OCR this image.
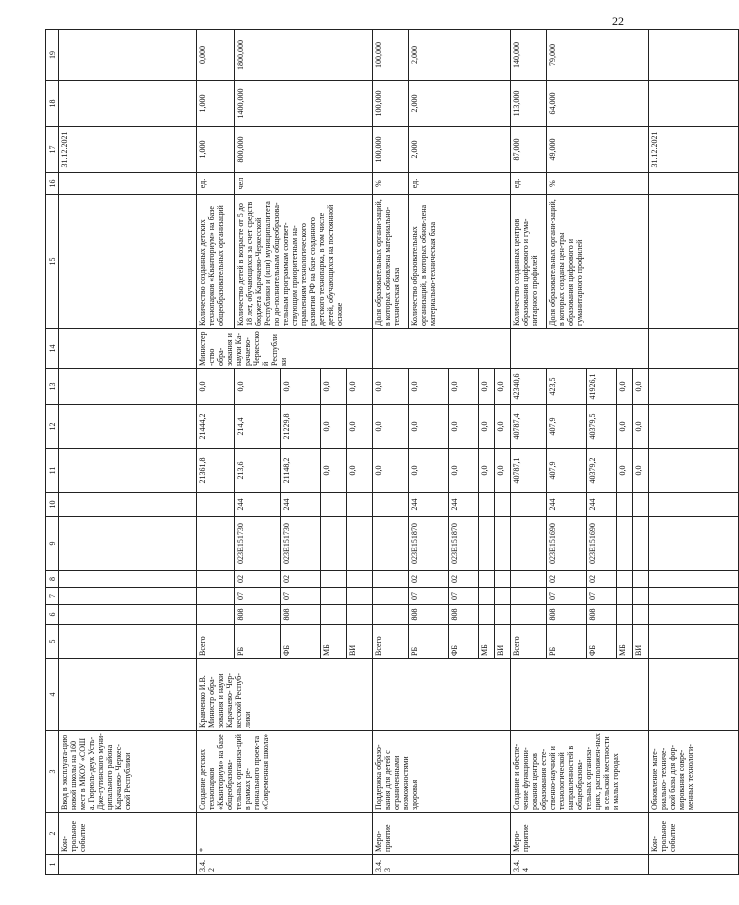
22
1	2	3	4	5	6	7	8	9	10	11	12	13	14	15	16	17	18	19
	Кон-трольное событие	Ввод в эксплуата-цию новой школы на 160 мест в МКОУ «СОШ а. Гюрюль-деук Усть- Дже-гутинского муни-ципального района Карачаево- Черкес-ской Республики														31.12.2021		
3.4.2	*	Создание детских технопарков «Кванториум» на базе общеобразова-тельных организа-ций в рамках ре-гионального проек-та «Современная школа»	Кравченко И.В. Министр обра-зования и науки Карачаево- Чер-кесской Респуб-лики	Всего						21361,8	21444,2	0,0	Министер-ство обра-зования и науки Ка-рачаево-Черкесской Республики	Количество созданных детских технопарков «Кванториум» на базе общеобразовательных организаций	ед.	1,000	1,000	0,000
				РБ	808	07	02	023E151730	244	213,6	214,4	0,0		Количество детей в возрасте от 5 до 18 лет, обучающихся за счет средств бюджета Карачаево-Черкесской Республики и (или) муниципалитета по до-полнительным общеобразова-тельным программам соответ-ствующим приоритетным на-правлениям технологического развития РФ на базе созданного детского технопарка, в том числе детей, обучающихся на постоянной основе	чел	800,000	1400,000	1800,000
				ФБ	808	07	02	023E151730	244	21148,2	21229,8	0,0						
				МБ						0,0	0,0	0,0						
				ВИ						0,0	0,0	0,0						
3.4.3	Меро-приятие	Поддержка образо-вания для детей с ограниченными возможностями здоровья		Всего						0,0	0,0	0,0		Доля образовательных органи-заций, в которых обновлена материально-техническая база	%	100,000	100,000	100,000
				РБ	808	07	02	023E151870	244	0,0	0,0	0,0		Количество образовательных организаций, в которых обнов-лена материально-техническая база	ед.	2,000	2,000	2,000
				ФБ	808	07	02	023E151870	244	0,0	0,0	0,0						
				МБ						0,0	0,0	0,0						
				ВИ						0,0	0,0	0,0						
3.4.4	Меро-приятие	Создание и обеспе-чение функциони-рования центров образования есте-ственно-научной и технологической направленностей в общеобразова-тельных организа-циях, расположен-ных в сельской местности и малых городах		Всего						40787,1	40787,4	42340,6		Количество созданных центров образования цифрового и гума-нитарного профилей	ед.	87,000	113,000	140,000
				РБ	808	07	02	023E151690	244	407,9	407,9	423,5		Доля образовательных органи-заций, в которых созданы цен-тры образования цифрового и гуманитарного профилей	%	49,000	64,000	79,000
				ФБ	808	07	02	023E151690	244	40379,2	40379,5	41926,1						
				МБ						0,0	0,0	0,0						
				ВИ						0,0	0,0	0,0						
	Кон-трольное событие	Обновление мате-риально- техниче-ской базы для фор-мирования совре-менных технологи-														31.12.2021		
